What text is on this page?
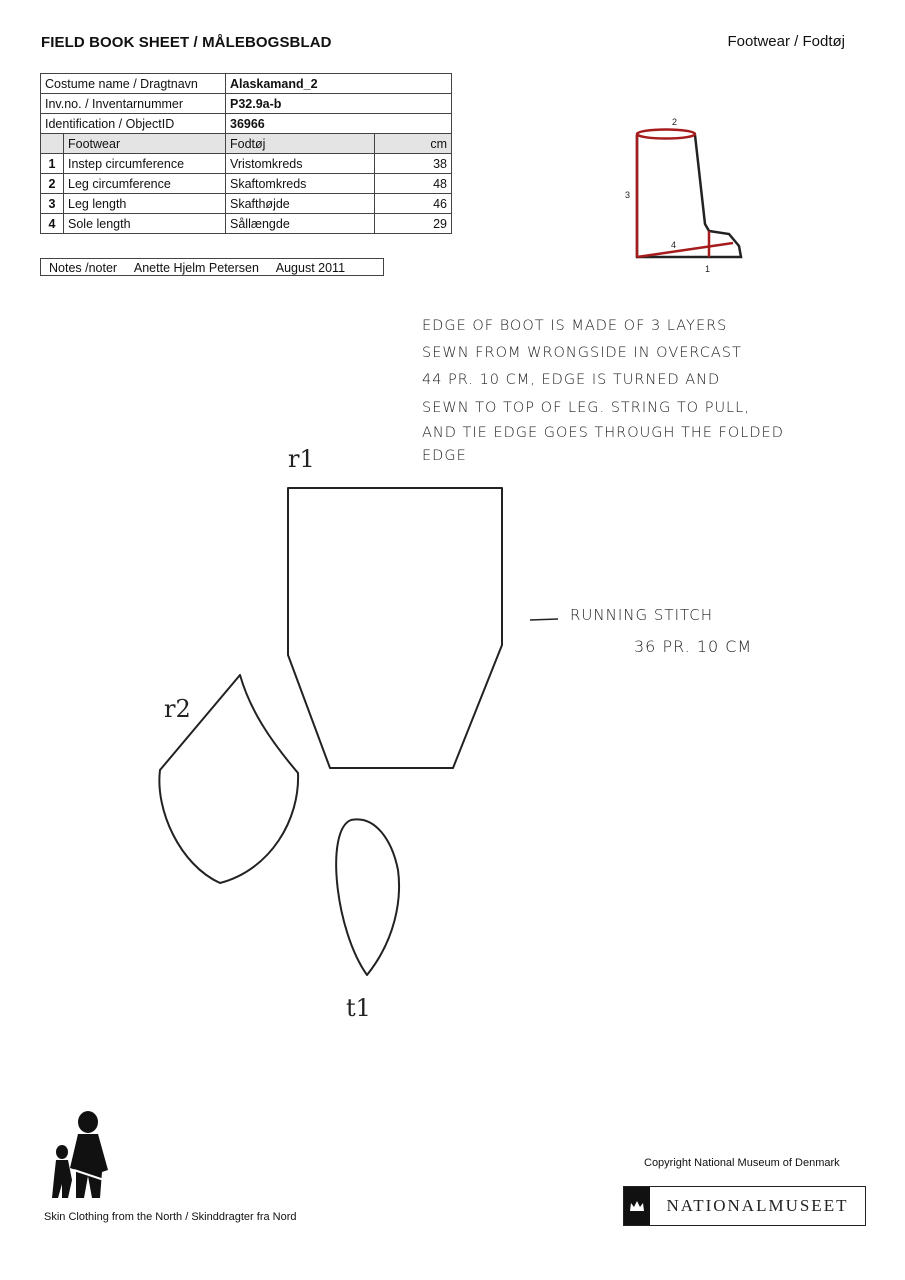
FIELD BOOK SHEET / MÅLEBOGSBLAD	Footwear / Fodtøj
Costume name / Dragtnavn		Alaskamand_2	
Inv.no. / Inventarnummer		P32.9a-b	
Identification / ObjectID		36966	
	Footwear	Fodtøj	cm
1	Instep circumference	Vristomkreds	38
2	Leg circumference	Skaftomkreds	48
3	Leg length	Skafthøjde	46
4	Sole length	Sållængde	29
Notes /noter Anette Hjelm Petersen August 2011
2
3
4
1
EDGE OF BOOT IS MADE OF 3 LAYERS
SEWN FROM WRONGSIDE IN OVERCAST
44 PR. 10 CM, EDGE IS TURNED AND
SEWN TO TOP OF LEG. STRING TO PULL,
AND TIE EDGE GOES THROUGH THE FOLDED
EDGE
r1
r2
t1
RUNNING STITCH
36 PR. 10 CM
Skin Clothing from the North / Skinddragter fra Nord
Copyright National Museum of Denmark
NATIONALMUSEET
